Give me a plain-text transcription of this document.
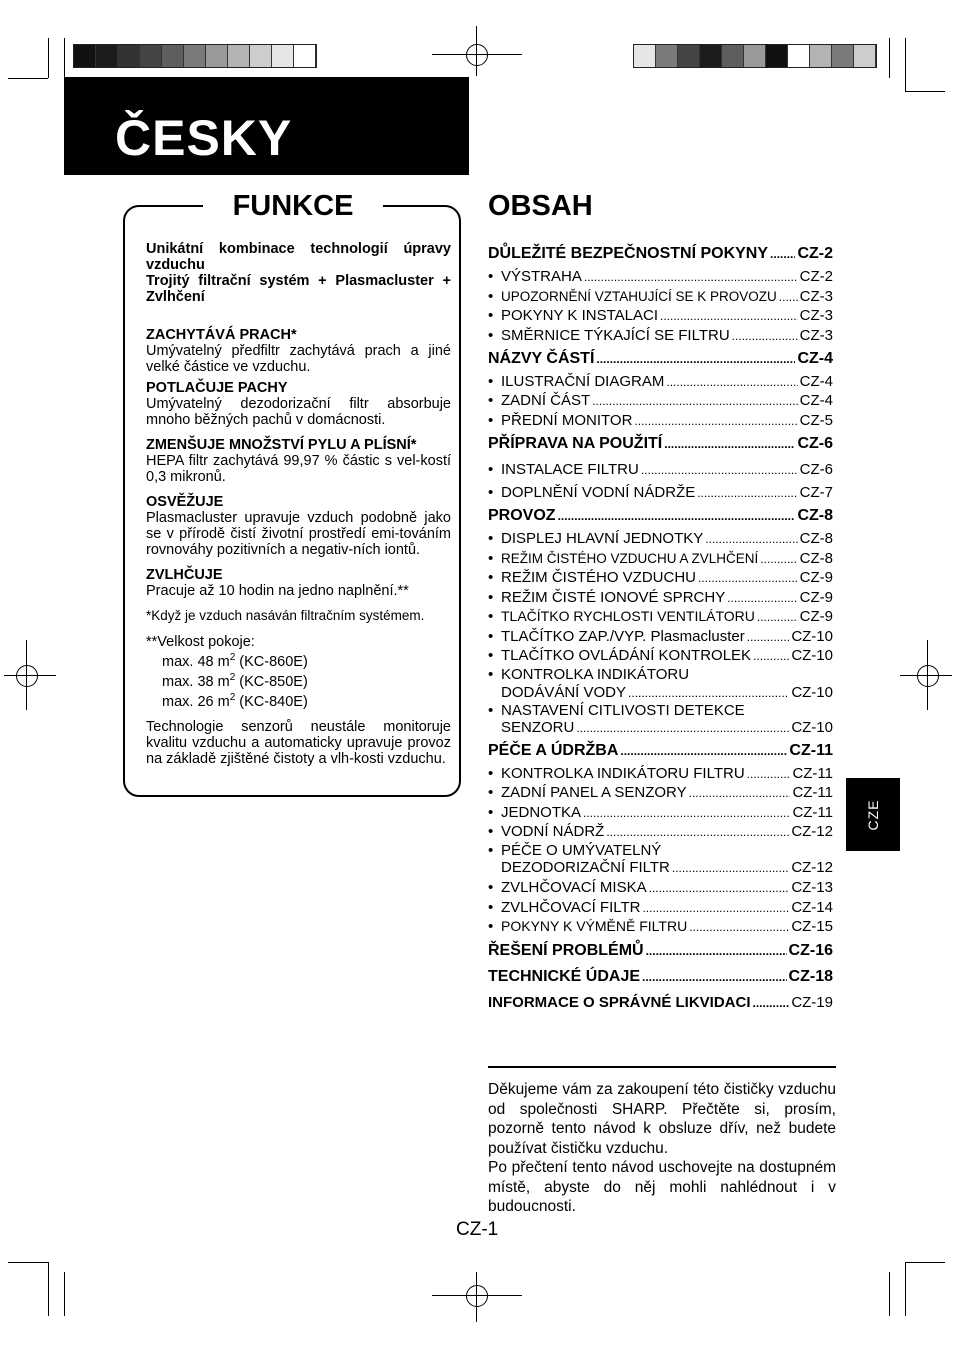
ČESKY
FUNKCE

Unikátní kombinace technologií úpravy vzduchu

Trojitý filtrační systém + Plasmacluster + Zvlhčení

ZACHYTÁVÁ PRACH*

Umývatelný předfiltr zachytává prach a jiné velké částice ve vzduchu.

POTLAČUJE PACHY

Umývatelný dezodorizační filtr absorbuje mnoho běžných pachů v domácnosti.

ZMENŠUJE MNOŽSTVÍ PYLU A PLÍSNÍ*

HEPA filtr zachytává 99,97 % částic s vel-kostí 0,3 mikronů.

OSVĚŽUJE

Plasmacluster upravuje vzduch podobně jako se v přírodě čistí životní prostředí emi-továním rovnováhy pozitivních a negativ-ních iontů.

ZVLHČUJE

Pracuje až 10 hodin na jedno naplnění.**

*Když je vzduch nasáván filtračním systémem.

**Velkost pokoje:

max. 48 $m^2$ (KC-860E)

max. 38 $m^2$ (KC-850E)

max. 26 $m^2$ (KC-840E)

Technologie senzorů neustále monitoruje kvalitu vzduchu a automaticky upravuje provoz na základě zjištěné čistoty a vlh-kosti vzduchu.

OBSAH
DŮLEŽITÉ BEZPEČNOSTNÍ POKYNY ..... CZ-2
• VÝSTRAHA .....	CZ-2
• UPOZORNĚNÍ VZTAHUJÍCÍ SE K PROVOZU ..... CZ-3
• POKYNY K INSTALACI .....	CZ-3
• SMĚRNICE TÝKAJÍCÍ SE FILTRU .....	CZ-3
NÁZVY ČÁSTÍ .....	CZ-4
• ILUSTRAČNÍ DIAGRAM .....	CZ-4
• ZADNÍ ČÁST .....	CZ-4
• PŘEDNÍ MONITOR .....	CZ-5
PŘÍPRAVA NA POUŽITÍ .....	CZ-6
• INSTALACE FILTRU .....	CZ-6
• DOPLNĚNÍ VODNÍ NÁDRŽE .....	CZ-7
PROVOZ .....	CZ-8
• DISPLEJ HLAVNÍ JEDNOTKY .....	CZ-8
• REŽIM ČISTÉHO VZDUCHU A ZVLHČENÍ .....	CZ-8
• REŽIM ČISTÉHO VZDUCHU .....	CZ-9
• REŽIM ČISTÉ IONOVÉ SPRCHY .....	CZ-9
• TLAČÍTKO RYCHLOSTI VENTILÁTORU .....	CZ-9
• TLAČÍTKO ZAP./VYP. Plasmacluster .....	CZ-10
• TLAČÍTKO OVLÁDÁNÍ KONTROLEK .....	CZ-10
• KONTROLKA INDIKÁTORU
DODÁVÁNÍ VODY .....	CZ-10
• NASTAVENÍ CITLIVOSTI DETEKCE
SENZORU .....	CZ-10
PÉČE A ÚDRŽBA .....	CZ-11
• KONTROLKA INDIKÁTORU FILTRU .....	CZ-11
• ZADNÍ PANEL A SENZORY .....	CZ-11
• JEDNOTKA .....	CZ-11
• VODNÍ NÁDRŽ .....	CZ-12
• PÉČE O UMÝVATELNÝ
DEZODORIZAČNÍ FILTR .....	CZ-12
• ZVLHČOVACÍ MISKA .....	CZ-13
• ZVLHČOVACÍ FILTR .....	CZ-14
• POKYNY K VÝMĚNĚ FILTRU .....	CZ-15
ŘEŠENÍ PROBLÉMŮ .....	CZ-16
TECHNICKÉ ÚDAJE .....	CZ-18
INFORMACE O SPRÁVNÉ LIKVIDACI .....	CZ-19

Děkujeme vám za zakoupení této čističky vzduchu od společnosti SHARP. Přečtěte si, prosím, pozorně tento návod k obsluze dřív, než budete používat čističku vzduchu.

Po přečtení tento návod uschovejte na dostupném místě, abyste do něj mohli nahlédnout i v budoucnosti.

CZ-1
CZE
